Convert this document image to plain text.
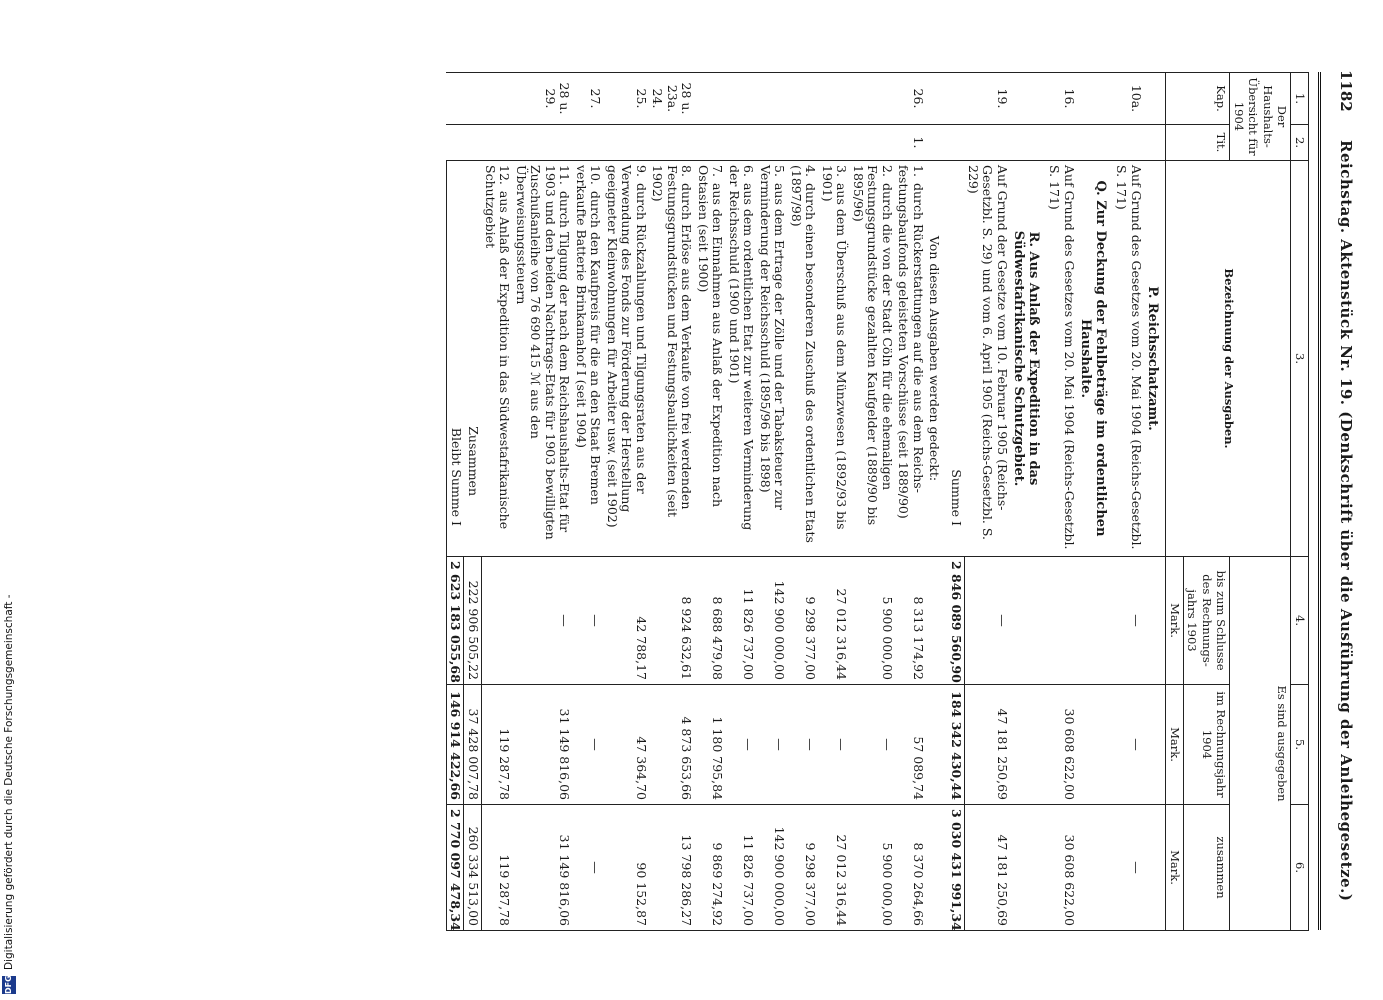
1182
Reichstag. Aktenstück Nr. 19. (Denkschrift über die Ausführung der Anleihegesetze.)
1.	2.	3.	4.	5.	6.
Der Haushalts-Übersicht für 1904		Bezeichnung der Ausgaben.	Es sind ausgegeben		
Kap.	Tit.		bis zum Schlusse des Rechnungs-jahrs 1903	im Rechnungsjahr 1904	zusammen
			Mark.	Mark.	Mark.
		P. Reichsschatzamt.			
10a.		Auf Grund des Gesetzes vom 20. Mai 1904 (Reichs-Gesetzbl. S. 171)	—	—	—
		Q. Zur Deckung der Fehlbeträge im ordentlichen Haushalte.			
16.		Auf Grund des Gesetzes vom 20. Mai 1904 (Reichs-Gesetzbl. S. 171)		30 608 622,00	30 608 622,00
		R. Aus Anlaß der Expedition in das Südwestafrikanische Schutzgebiet.			
19.		Auf Grund der Gesetze vom 10. Februar 1905 (Reichs-Gesetzbl. S. 29) und vom 6. April 1905 (Reichs-Gesetzbl. S. 229)	—	47 181 250,69	47 181 250,69
		Summe I	2 846 089 560,90	184 342 430,44	3 030 431 991,34
		Von diesen Ausgaben werden gedeckt:			
26.	1.	1.durch Rückerstattungen auf die aus dem Reichs-festungsbaufonds geleisteten Vorschüsse (seit 1889/90)	8 313 174,92	57 089,74	8 370 264,66
		2.durch die von der Stadt Cöln für die ehemaligen Festungsgrundstücke gezahlten Kaufgelder (1889/90 bis 1895/96)	5 900 000,00	—	5 900 000,00
		3.aus dem Überschuß aus dem Münzwesen (1892/93 bis 1901)	27 012 316,44	—	27 012 316,44
		4.durch einen besonderen Zuschuß des ordentlichen Etats (1897/98)	9 298 377,00	—	9 298 377,00
		5.aus dem Ertrage der Zölle und der Tabaksteuer zur Verminderung der Reichsschuld (1895/96 bis 1898)	142 900 000,00	—	142 900 000,00
		6.aus dem ordentlichen Etat zur weiteren Verminderung der Reichsschuld (1900 und 1901)	11 826 737,00	—	11 826 737,00
		7.aus den Einnahmen aus Anlaß der Expedition nach Ostasien (seit 1900)	8 688 479,08	1 180 795,84	9 869 274,92
28 u. 23a. 24.		8.durch Erlöse aus dem Verkaufe von frei werdenden Festungsgrundstücken und Festungsbaulichkeiten (seit 1902)	8 924 632,61	4 873 653,66	13 798 286,27
25.		9.durch Rückzahlungen und Tilgungsraten aus der Verwendung des Fonds zur Förderung der Herstellung geeigneter Kleinwohnungen für Arbeiter usw. (seit 1902)	42 788,17	47 364,70	90 152,87
27.		10.durch den Kaufpreis für die an den Staat Bremen verkaufte Batterie Brinkamahof I (seit 1904)	—	—	—
28 u. 29.		11.durch Tilgung der nach dem Reichshaushalts-Etat für 1903 und den beiden Nachtrags-Etats für 1903 bewilligten Zuschußanleihe von 76 690 415 ℳ aus den Überweisungssteuern	—	31 149 816,06	31 149 816,06
		12.aus Anlaß der Expedition in das Südwestafrikanische Schutzgebiet		119 287,78	119 287,78
		Zusammen	222 906 505,22	37 428 007,78	260 334 513,00
		Bleibt Summe I	2 623 183 055,68	146 914 422,66	2 770 097 478,34
Digitalisierung gefördert durch die Deutsche Forschungsgemeinschaft -
DFG
